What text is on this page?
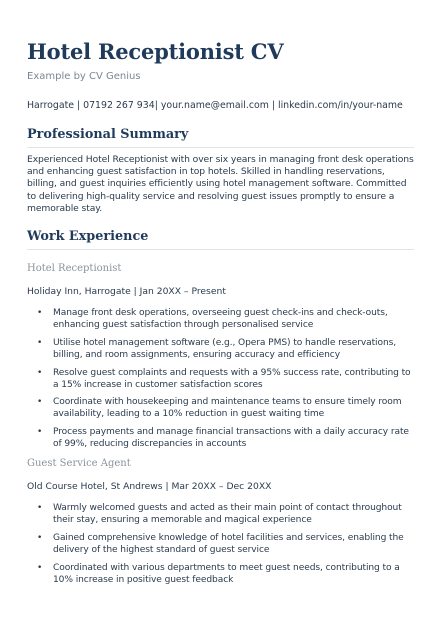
Hotel Receptionist CV
Example by CV Genius
Harrogate | 07192 267 934| your.name@email.com | linkedin.com/in/your-name
Professional Summary

Experienced Hotel Receptionist with over six years in managing front desk operations and enhancing guest satisfaction in top hotels. Skilled in handling reservations, billing, and guest inquiries efficiently using hotel management software. Committed to delivering high-quality service and resolving guest issues promptly to ensure a memorable stay.

Work Experience
Hotel Receptionist
Holiday Inn, Harrogate | Jan 20XX – Present
• Manage front desk operations, overseeing guest check-ins and check-outs, enhancing guest satisfaction through personalised service
• Utilise hotel management software (e.g., Opera PMS) to handle reservations, billing, and room assignments, ensuring accuracy and efficiency
• Resolve guest complaints and requests with a 95% success rate, contributing to a 15% increase in customer satisfaction scores
• Coordinate with housekeeping and maintenance teams to ensure timely room availability, leading to a 10% reduction in guest waiting time
• Process payments and manage financial transactions with a daily accuracy rate of 99%, reducing discrepancies in accounts
Guest Service Agent
Old Course Hotel, St Andrews | Mar 20XX – Dec 20XX
• Warmly welcomed guests and acted as their main point of contact throughout their stay, ensuring a memorable and magical experience
• Gained comprehensive knowledge of hotel facilities and services, enabling the delivery of the highest standard of guest service
• Coordinated with various departments to meet guest needs, contributing to a 10% increase in positive guest feedback
